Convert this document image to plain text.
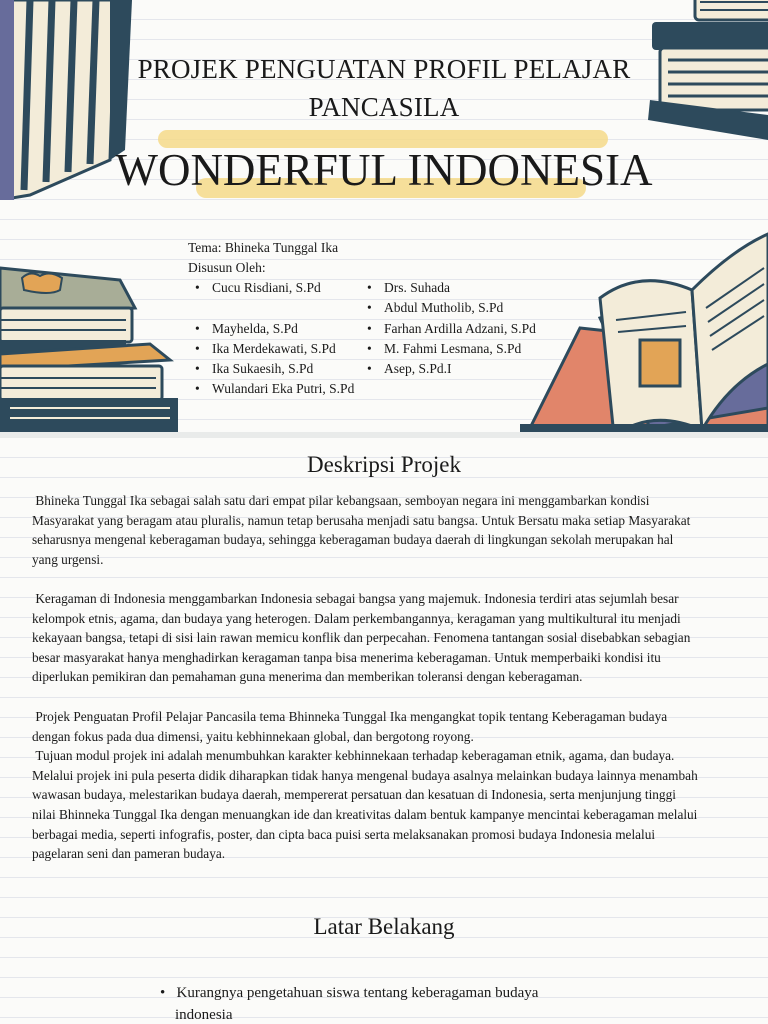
PROJEK PENGUATAN PROFIL PELAJAR
PANCASILA
WONDERFUL INDONESIA
Tema: Bhineka Tunggal Ika
Disusun Oleh:
• Cucu Risdiani, S.Pd
• Mayhelda, S.Pd
• Ika Merdekawati, S.Pd
• Ika Sukaesih, S.Pd
• Wulandari Eka Putri, S.Pd
• Drs. Suhada
• Abdul Mutholib, S.Pd
• Farhan Ardilla Adzani, S.Pd
• M. Fahmi Lesmana, S.Pd
• Asep, S.Pd.I
Deskripsi Projek
Bhineka Tunggal Ika sebagai salah satu dari empat pilar kebangsaan, semboyan negara ini menggambarkan kondisi
Masyarakat yang beragam atau pluralis, namun tetap berusaha menjadi satu bangsa. Untuk Bersatu maka setiap Masyarakat
seharusnya mengenal keberagaman budaya, sehingga keberagaman budaya daerah di lingkungan sekolah merupakan hal
yang urgensi.
Keragaman di Indonesia menggambarkan Indonesia sebagai bangsa yang majemuk. Indonesia terdiri atas sejumlah besar
kelompok etnis, agama, dan budaya yang heterogen. Dalam perkembangannya, keragaman yang multikultural itu menjadi
kekayaan bangsa, tetapi di sisi lain rawan memicu konflik dan perpecahan. Fenomena tantangan sosial disebabkan sebagian
besar masyarakat hanya menghadirkan keragaman tanpa bisa menerima keberagaman. Untuk memperbaiki kondisi itu
diperlukan pemikiran dan pemahaman guna menerima dan memberikan toleransi dengan keberagaman.
Projek Penguatan Profil Pelajar Pancasila tema Bhinneka Tunggal Ika mengangkat topik tentang Keberagaman budaya
dengan fokus pada dua dimensi, yaitu kebhinnekaan global, dan bergotong royong.
Tujuan modul projek ini adalah menumbuhkan karakter kebhinnekaan terhadap keberagaman etnik, agama, dan budaya.
Melalui projek ini pula peserta didik diharapkan tidak hanya mengenal budaya asalnya melainkan budaya lainnya menambah
wawasan budaya, melestarikan budaya daerah, mempererat persatuan dan kesatuan di Indonesia, serta menjunjung tinggi
nilai Bhinneka Tunggal Ika dengan menuangkan ide dan kreativitas dalam bentuk kampanye mencintai keberagaman melalui
berbagai media, seperti infografis, poster, dan cipta baca puisi serta melaksanakan promosi budaya Indonesia melalui
pagelaran seni dan pameran budaya.
Latar Belakang
•   Kurangnya pengetahuan siswa tentang keberagaman budaya
indonesia
